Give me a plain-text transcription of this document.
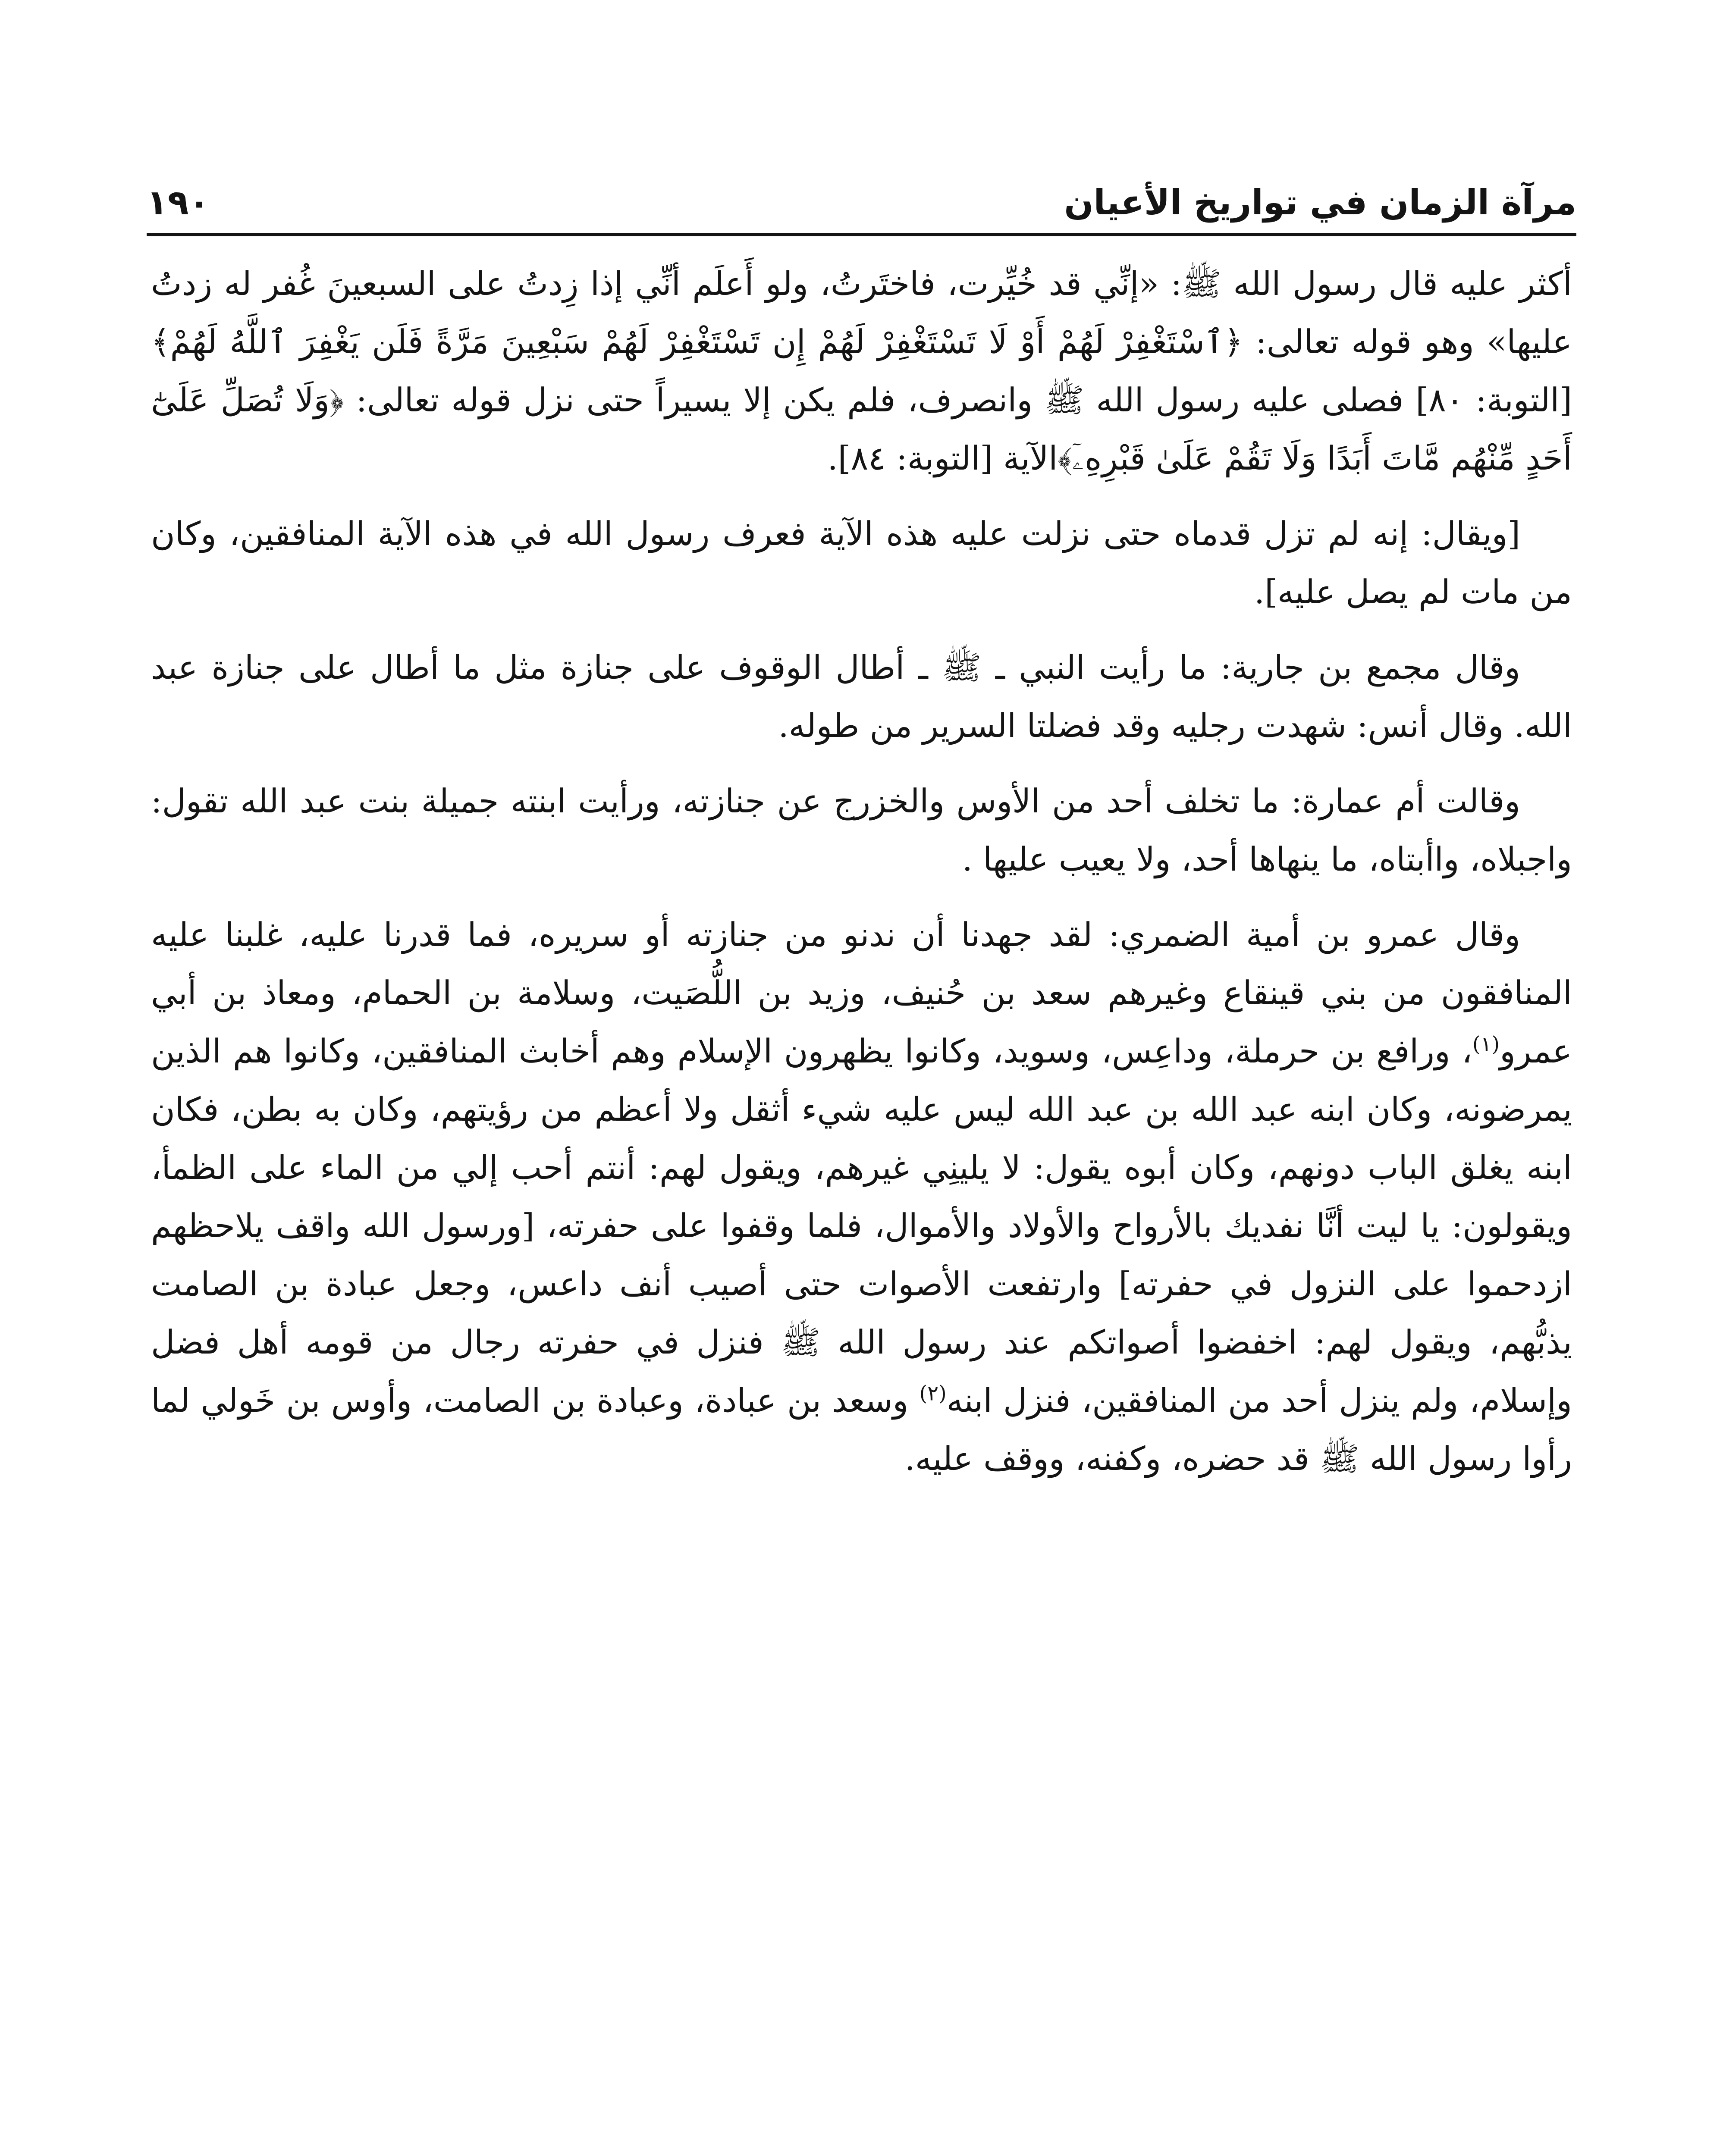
مرآة الزمان في تواريخ الأعيان
١٩٠

أكثر عليه قال رسول الله ﷺ: «إنِّي قد خُيِّرت، فاختَرتُ، ولو أَعلَم أنِّي إذا زِدتُ على السبعينَ غُفر له زدتُ عليها» وهو قوله تعالى: ﴿ٱسْتَغْفِرْ لَهُمْ أَوْ لَا تَسْتَغْفِرْ لَهُمْ إِن تَسْتَغْفِرْ لَهُمْ سَبْعِينَ مَرَّةً فَلَن يَغْفِرَ ٱللَّهُ لَهُمْ﴾ [التوبة: ٨٠] فصلى عليه رسول الله ﷺ وانصرف، فلم يكن إلا يسيراً حتى نزل قوله تعالى: ﴿وَلَا تُصَلِّ عَلَىٰٓ أَحَدٍ مِّنْهُم مَّاتَ أَبَدًا وَلَا تَقُمْ عَلَىٰ قَبْرِهِۦٓ﴾الآية [التوبة: ٨٤].

[ويقال: إنه لم تزل قدماه حتى نزلت عليه هذه الآية فعرف رسول الله في هذه الآية المنافقين، وكان من مات لم يصل عليه].

وقال مجمع بن جارية: ما رأيت النبي ـ ﷺ ـ أطال الوقوف على جنازة مثل ما أطال على جنازة عبد الله. وقال أنس: شهدت رجليه وقد فضلتا السرير من طوله.

وقالت أم عمارة: ما تخلف أحد من الأوس والخزرج عن جنازته، ورأيت ابنته جميلة بنت عبد الله تقول: واجبلاه، واأبتاه، ما ينهاها أحد، ولا يعيب عليها .

وقال عمرو بن أمية الضمري: لقد جهدنا أن ندنو من جنازته أو سريره، فما قدرنا عليه، غلبنا عليه المنافقون من بني قينقاع وغيرهم سعد بن حُنيف، وزيد بن اللُّصَيت، وسلامة بن الحمام، ومعاذ بن أبي عمرو$^{(١)}$، ورافع بن حرملة، وداعِس، وسويد، وكانوا يظهرون الإسلام وهم أخابث المنافقين، وكانوا هم الذين يمرضونه، وكان ابنه عبد الله بن عبد الله ليس عليه شيء أثقل ولا أعظم من رؤيتهم، وكان به بطن، فكان ابنه يغلق الباب دونهم، وكان أبوه يقول: لا يلينِي غيرهم، ويقول لهم: أنتم أحب إلي من الماء على الظمأ، ويقولون: يا ليت أنَّا نفديك بالأرواح والأولاد والأموال، فلما وقفوا على حفرته، [ورسول الله واقف يلاحظهم ازدحموا على النزول في حفرته] وارتفعت الأصوات حتى أصيب أنف داعس، وجعل عبادة بن الصامت يذبُّهم، ويقول لهم: اخفضوا أصواتكم عند رسول الله ﷺ فنزل في حفرته رجال من قومه أهل فضل وإسلام، ولم ينزل أحد من المنافقين، فنزل ابنه$^{(٢)}$ وسعد بن عبادة، وعبادة بن الصامت، وأوس بن خَولي لما رأوا رسول الله ﷺ قد حضره، وكفنه، ووقف عليه.
